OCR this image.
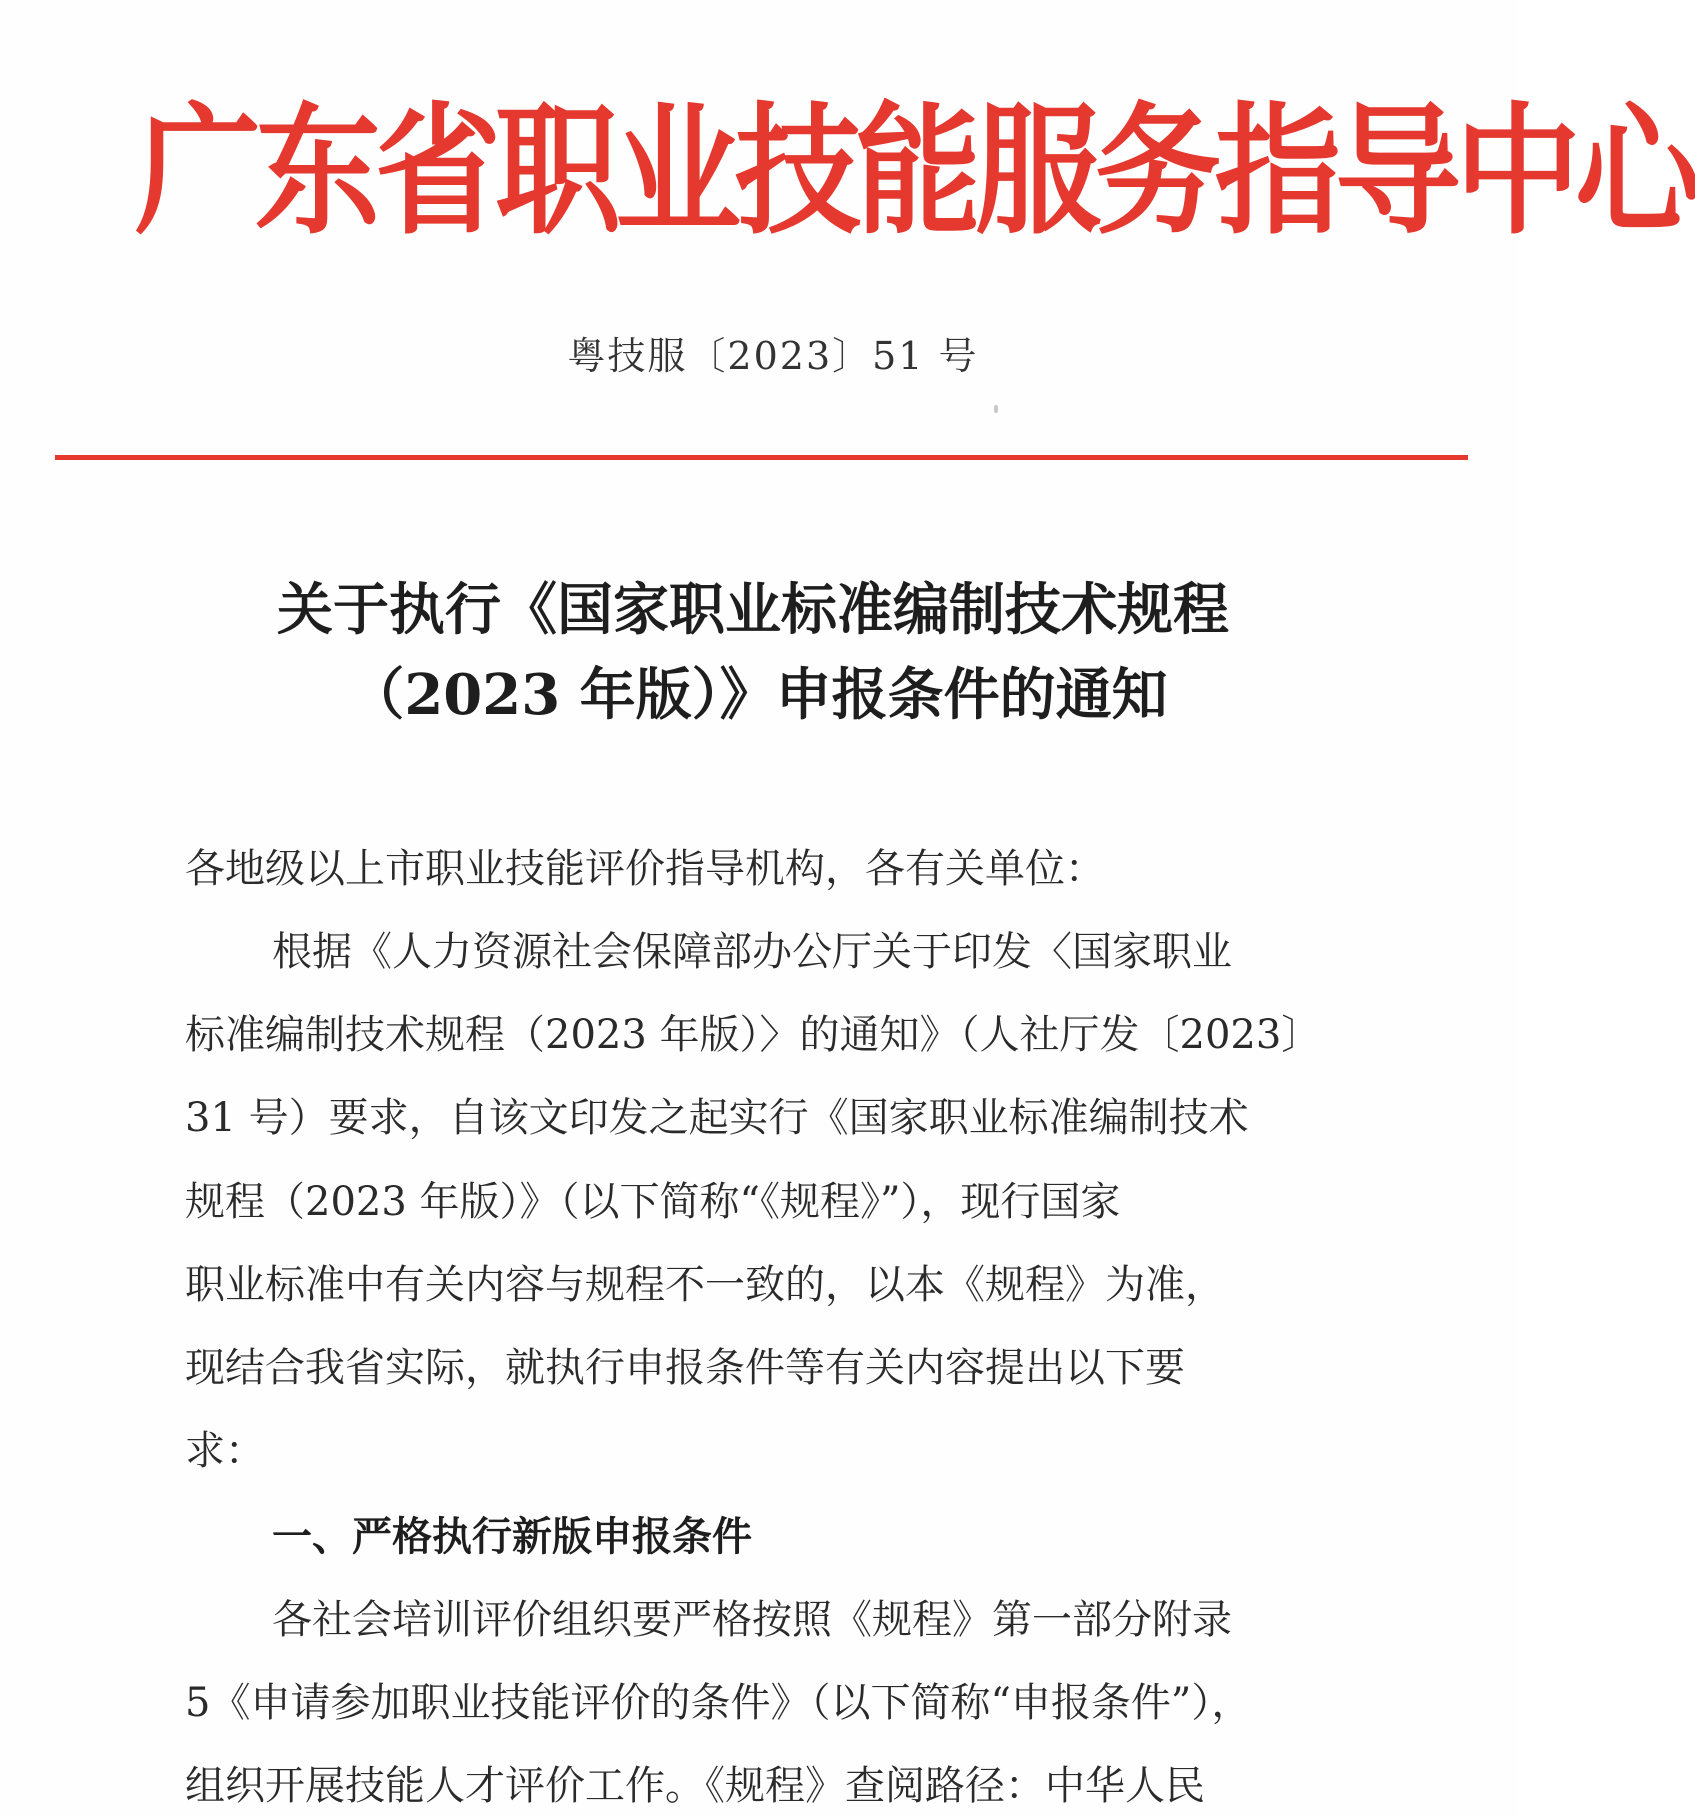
广东省职业技能服务指导中心
粤技服〔2023〕51 号
关于执行《国家职业标准编制技术规程
（2023 年版）》申报条件的通知
各地级以上市职业技能评价指导机构，各有关单位：
根据《人力资源社会保障部办公厅关于印发〈国家职业
标准编制技术规程（2023 年版）〉的通知》（人社厅发〔2023〕
31 号）要求，自该文印发之起实行《国家职业标准编制技术
规程（2023 年版）》（以下简称“《规程》”），现行国家
职业标准中有关内容与规程不一致的，以本《规程》为准，
现结合我省实际，就执行申报条件等有关内容提出以下要
求：
一、严格执行新版申报条件
各社会培训评价组织要严格按照《规程》第一部分附录
5《申请参加职业技能评价的条件》（以下简称“申报条件”），
组织开展技能人才评价工作。《规程》查阅路径：中华人民
